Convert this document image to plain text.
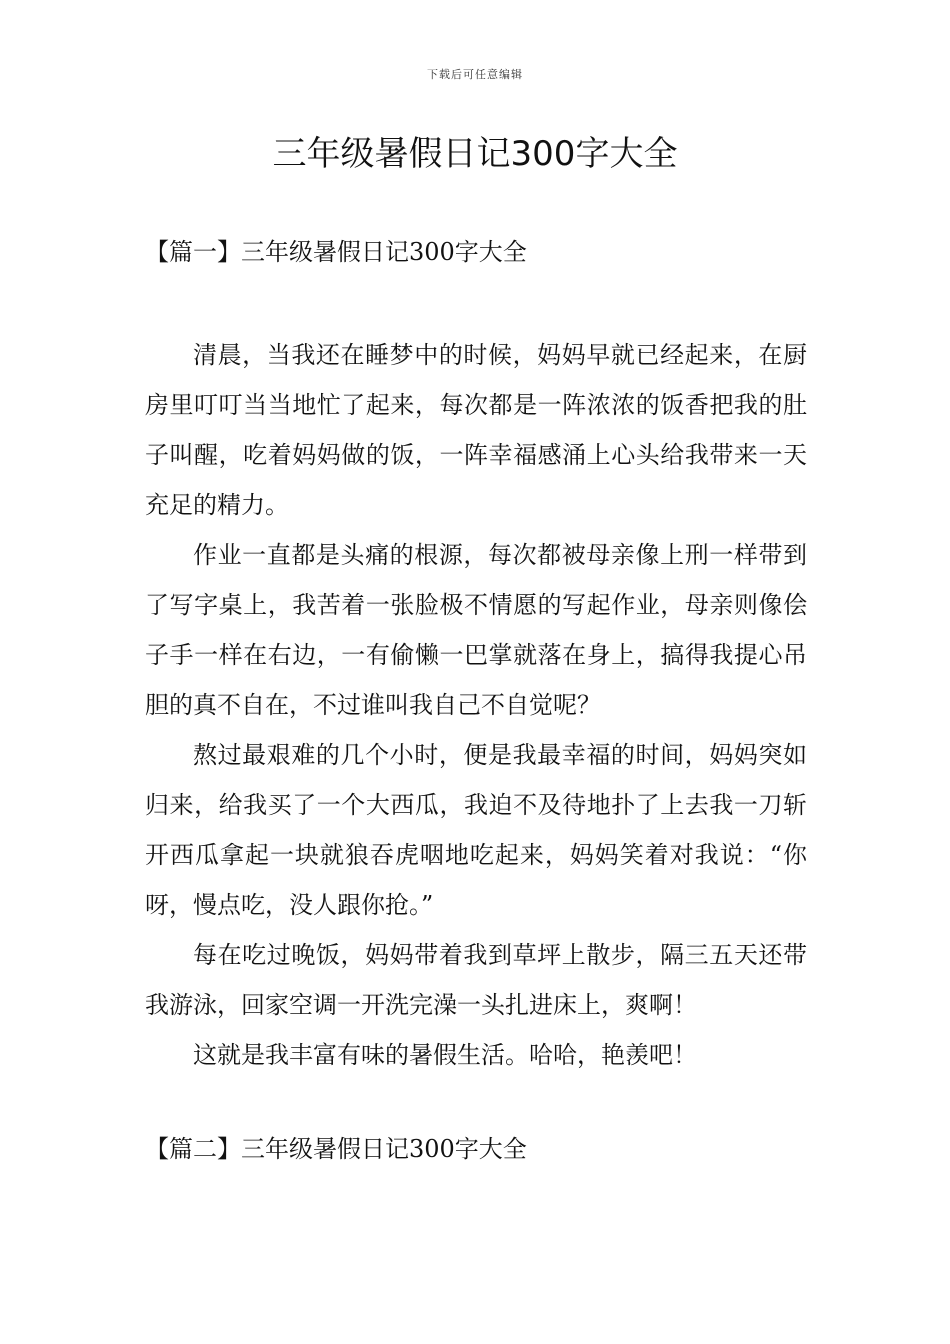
下载后可任意编辑
三年级暑假日记300字大全
【篇一】三年级暑假日记300字大全

清晨，当我还在睡梦中的时候，妈妈早就已经起来，在厨房里叮叮当当地忙了起来，每次都是一阵浓浓的饭香把我的肚子叫醒，吃着妈妈做的饭，一阵幸福感涌上心头给我带来一天充足的精力。

作业一直都是头痛的根源，每次都被母亲像上刑一样带到了写字桌上，我苦着一张脸极不情愿的写起作业，母亲则像侩子手一样在右边，一有偷懒一巴掌就落在身上，搞得我提心吊胆的真不自在，不过谁叫我自己不自觉呢？

熬过最艰难的几个小时，便是我最幸福的时间，妈妈突如归来，给我买了一个大西瓜，我迫不及待地扑了上去我一刀斩开西瓜拿起一块就狼吞虎咽地吃起来，妈妈笑着对我说：“你呀，慢点吃，没人跟你抢。”

每在吃过晚饭，妈妈带着我到草坪上散步，隔三五天还带我游泳，回家空调一开洗完澡一头扎进床上，爽啊！

这就是我丰富有味的暑假生活。哈哈，艳羡吧！

【篇二】三年级暑假日记300字大全
